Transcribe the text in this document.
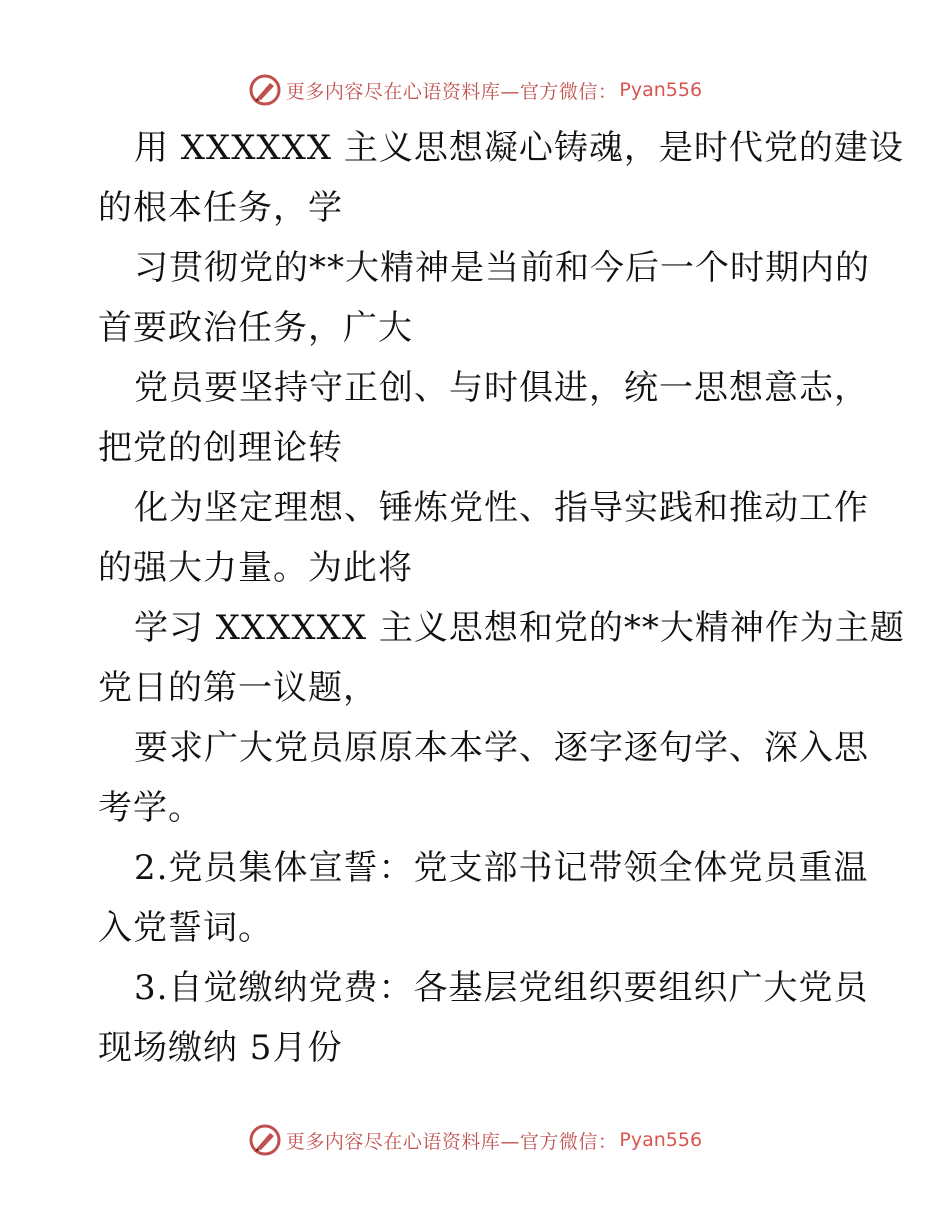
更多内容尽在心语资料库—官方微信： Pyan556

用 XXXXXX 主义思想凝心铸魂，是时代党的建设
的根本任务，学

习贯彻党的**大精神是当前和今后一个时期内的
首要政治任务，广大

党员要坚持守正创、与时俱进，统一思想意志，
把党的创理论转

化为坚定理想、锤炼党性、指导实践和推动工作
的强大力量。为此将

学习 XXXXXX 主义思想和党的**大精神作为主题
党日的第一议题，

要求广大党员原原本本学、逐字逐句学、深入思
考学。

2.党员集体宣誓：党支部书记带领全体党员重温
入党誓词。

3.自觉缴纳党费：各基层党组织要组织广大党员
现场缴纳 5月份

更多内容尽在心语资料库—官方微信： Pyan556
